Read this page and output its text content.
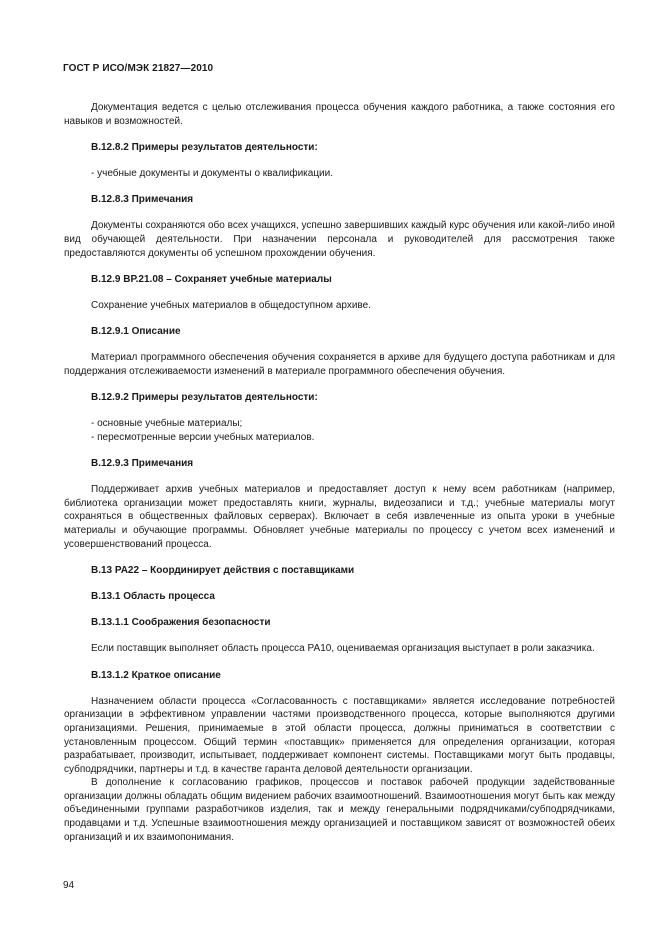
ГОСТ Р ИСО/МЭК 21827—2010

Документация ведется с целью отслеживания процесса обучения каждого работника, а также состояния его навыков и возможностей.

В.12.8.2 Примеры результатов деятельности:

- учебные документы и документы о квалификации.

В.12.8.3 Примечания

Документы сохраняются обо всех учащихся, успешно завершивших каждый курс обучения или какой-либо иной вид обучающей деятельности. При назначении персонала и руководителей для рассмотрения также предоставляются документы об успешном прохождении обучения.

В.12.9 ВР.21.08 – Сохраняет учебные материалы

Сохранение учебных материалов в общедоступном архиве.

В.12.9.1 Описание

Материал программного обеспечения обучения сохраняется в архиве для будущего доступа работникам и для поддержания отслеживаемости изменений в материале программного обеспечения обучения.

В.12.9.2 Примеры результатов деятельности:

- основные учебные материалы;

- пересмотренные версии учебных материалов.

В.12.9.3 Примечания

Поддерживает архив учебных материалов и предоставляет доступ к нему всем работникам (например, библиотека организации может предоставлять книги, журналы, видеозаписи и т.д.; учебные материалы могут сохраняться в общественных файловых серверах). Включает в себя извлеченные из опыта уроки в учебные материалы и обучающие программы. Обновляет учебные материалы по процессу с учетом всех изменений и усовершенствований процесса.

В.13 РА22 – Координирует действия с поставщиками

В.13.1 Область процесса

В.13.1.1 Соображения безопасности

Если поставщик выполняет область процесса РА10, оцениваемая организация выступает в роли заказчика.

В.13.1.2 Краткое описание

Назначением области процесса «Согласованность с поставщиками» является исследование потребностей организации в эффективном управлении частями производственного процесса, которые выполняются другими организациями. Решения, принимаемые в этой области процесса, должны приниматься в соответствии с установленным процессом. Общий термин «поставщик» применяется для определения организации, которая разрабатывает, производит, испытывает, поддерживает компонент системы. Поставщиками могут быть продавцы, субподрядчики, партнеры и т.д. в качестве гаранта деловой деятельности организации.

В дополнение к согласованию графиков, процессов и поставок рабочей продукции задействованные организации должны обладать общим видением рабочих взаимоотношений. Взаимоотношения могут быть как между объединенными группами разработчиков изделия, так и между генеральными подрядчиками/субподрядчиками, продавцами и т.д. Успешные взаимоотношения между организацией и поставщиком зависят от возможностей обеих организаций и их взаимопонимания.

94
